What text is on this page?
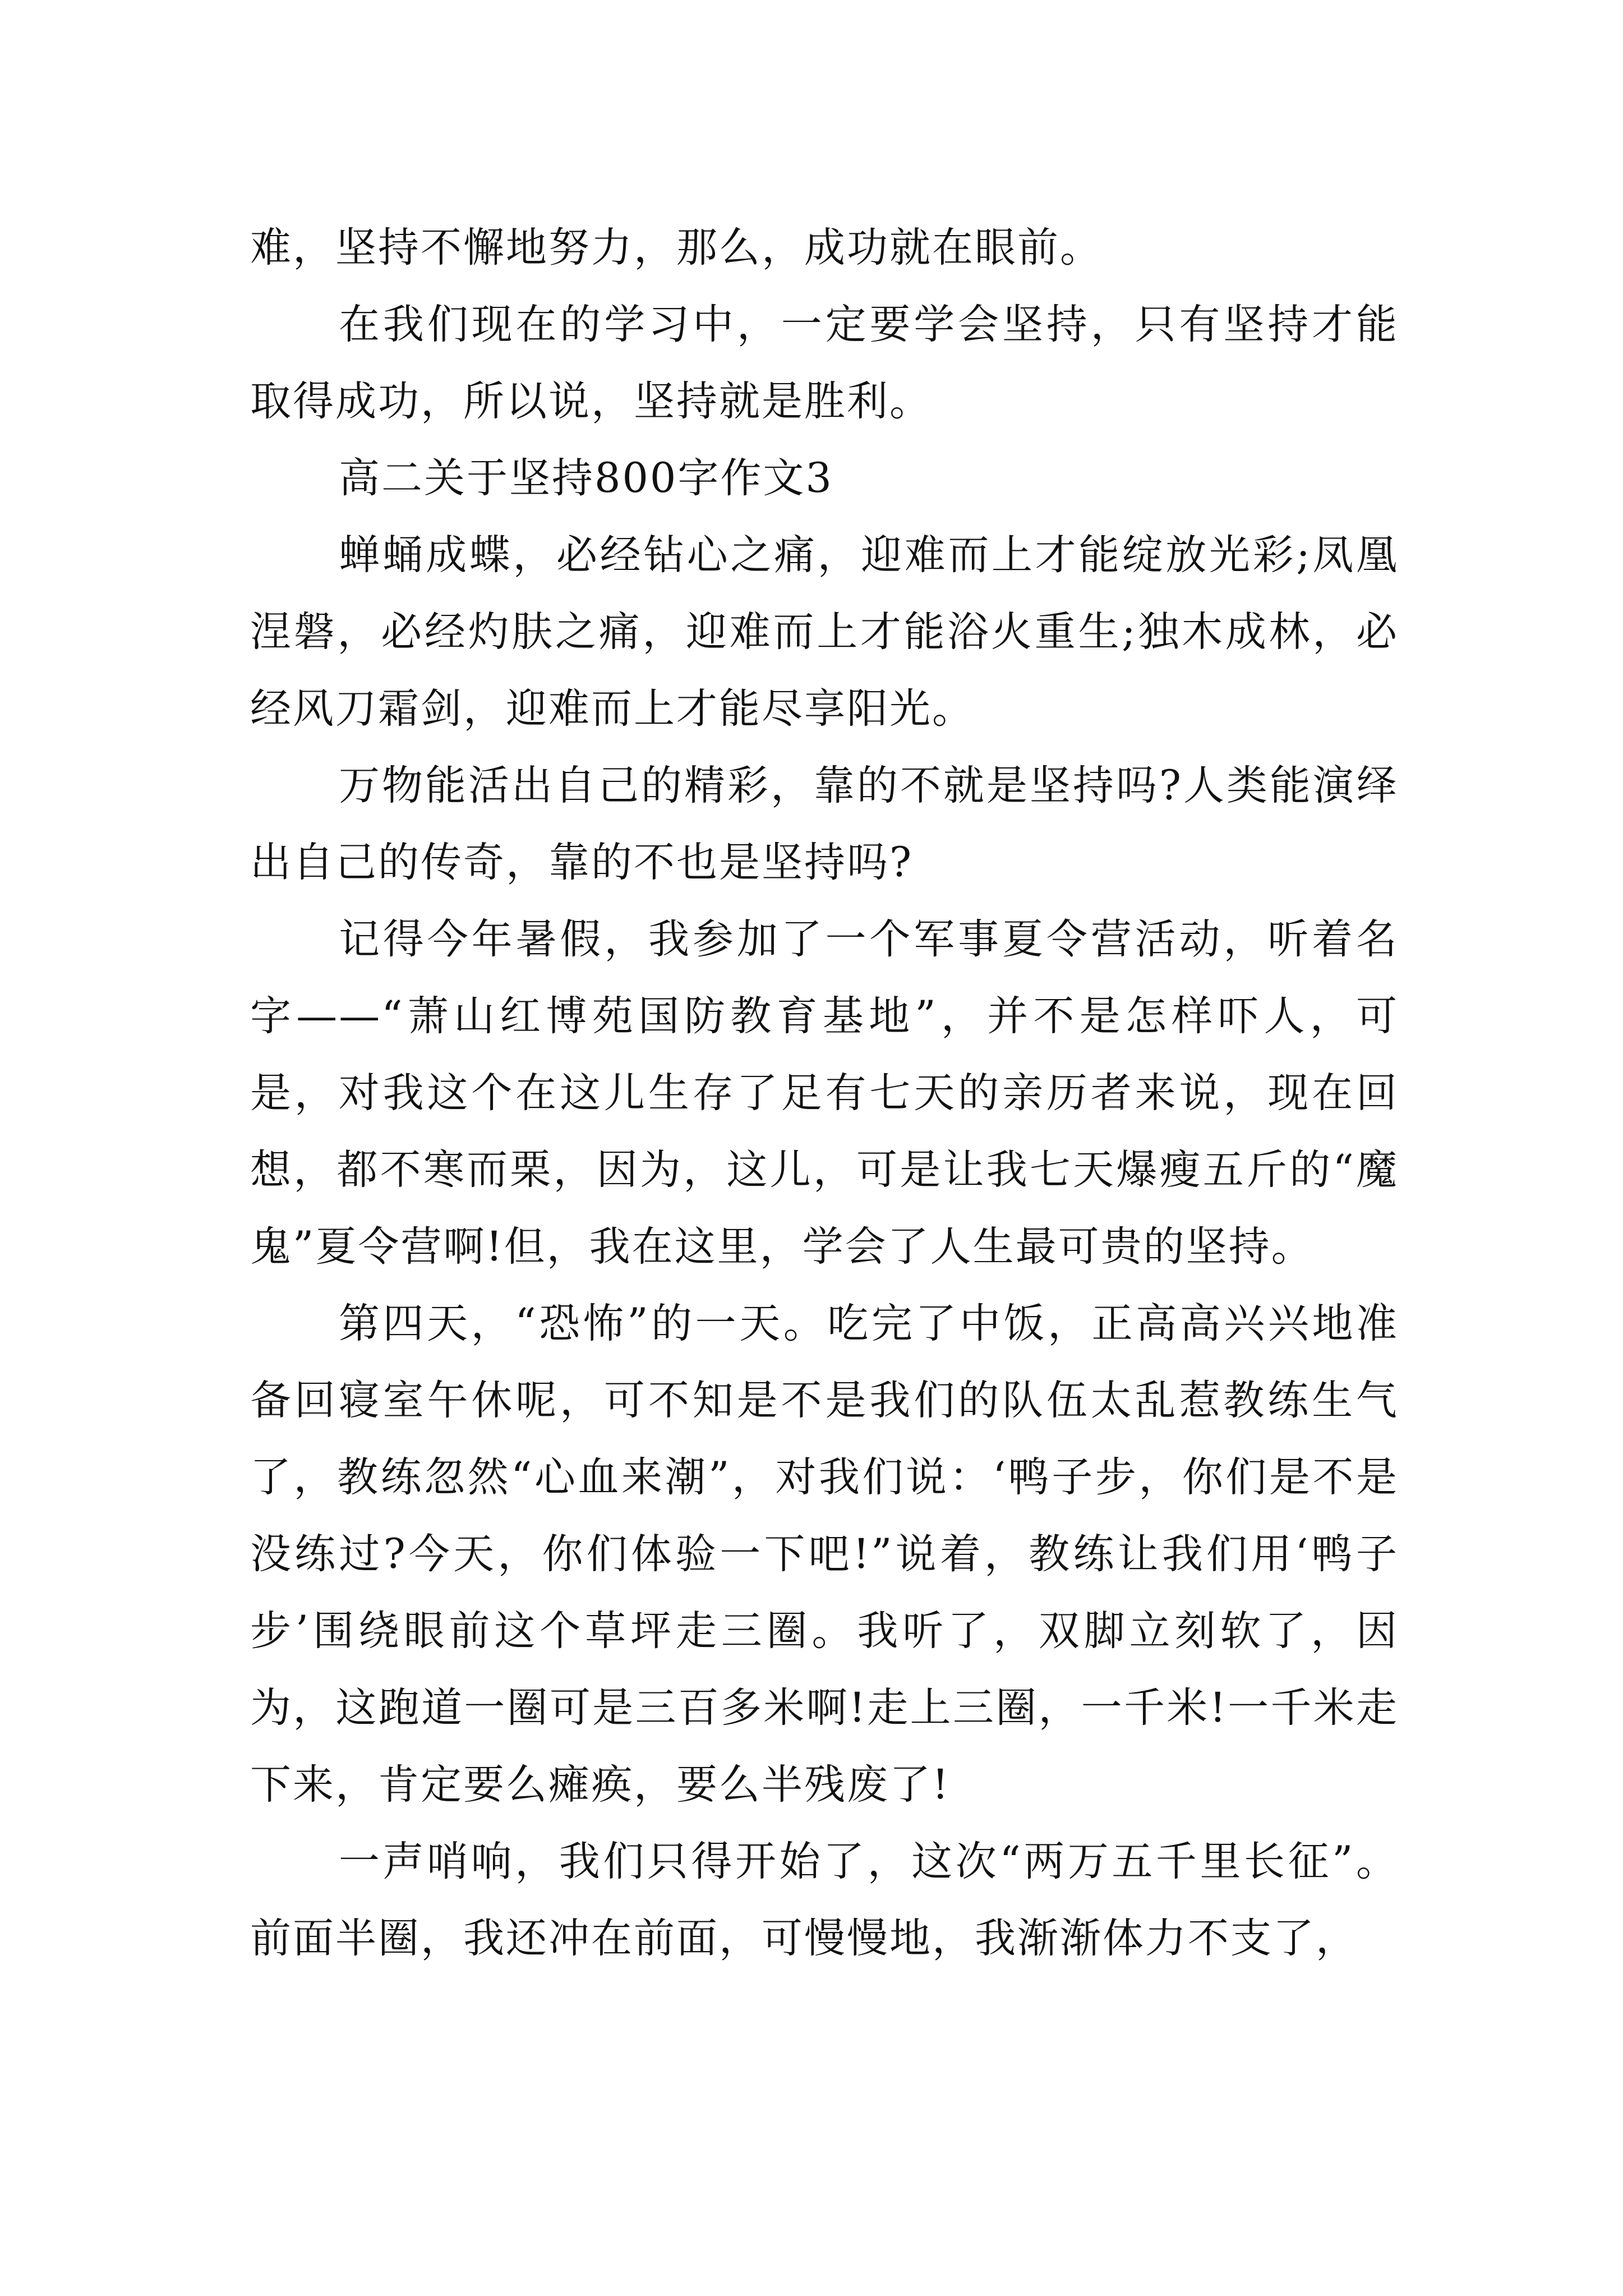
难，坚持不懈地努力，那么，成功就在眼前。

在我们现在的学习中，一定要学会坚持，只有坚持才能取得成功，所以说，坚持就是胜利。

高二关于坚持800字作文3

蝉蛹成蝶，必经钻心之痛，迎难而上才能绽放光彩;凤凰涅磐，必经灼肤之痛，迎难而上才能浴火重生;独木成林，必经风刀霜剑，迎难而上才能尽享阳光。

万物能活出自己的精彩，靠的不就是坚持吗?人类能演绎出自己的传奇，靠的不也是坚持吗?

记得今年暑假，我参加了一个军事夏令营活动，听着名字——“萧山红博苑国防教育基地”，并不是怎样吓人，可是，对我这个在这儿生存了足有七天的亲历者来说，现在回想，都不寒而栗，因为，这儿，可是让我七天爆瘦五斤的“魔鬼”夏令营啊!但，我在这里，学会了人生最可贵的坚持。

第四天，“恐怖”的一天。吃完了中饭，正高高兴兴地准备回寝室午休呢，可不知是不是我们的队伍太乱惹教练生气了，教练忽然“心血来潮”，对我们说：‘鸭子步，你们是不是没练过?今天，你们体验一下吧!”说着，教练让我们用‘鸭子步’围绕眼前这个草坪走三圈。我听了，双脚立刻软了，因为，这跑道一圈可是三百多米啊!走上三圈，一千米!一千米走下来，肯定要么瘫痪，要么半残废了!

一声哨响，我们只得开始了，这次“两万五千里长征”。前面半圈，我还冲在前面，可慢慢地，我渐渐体力不支了，
